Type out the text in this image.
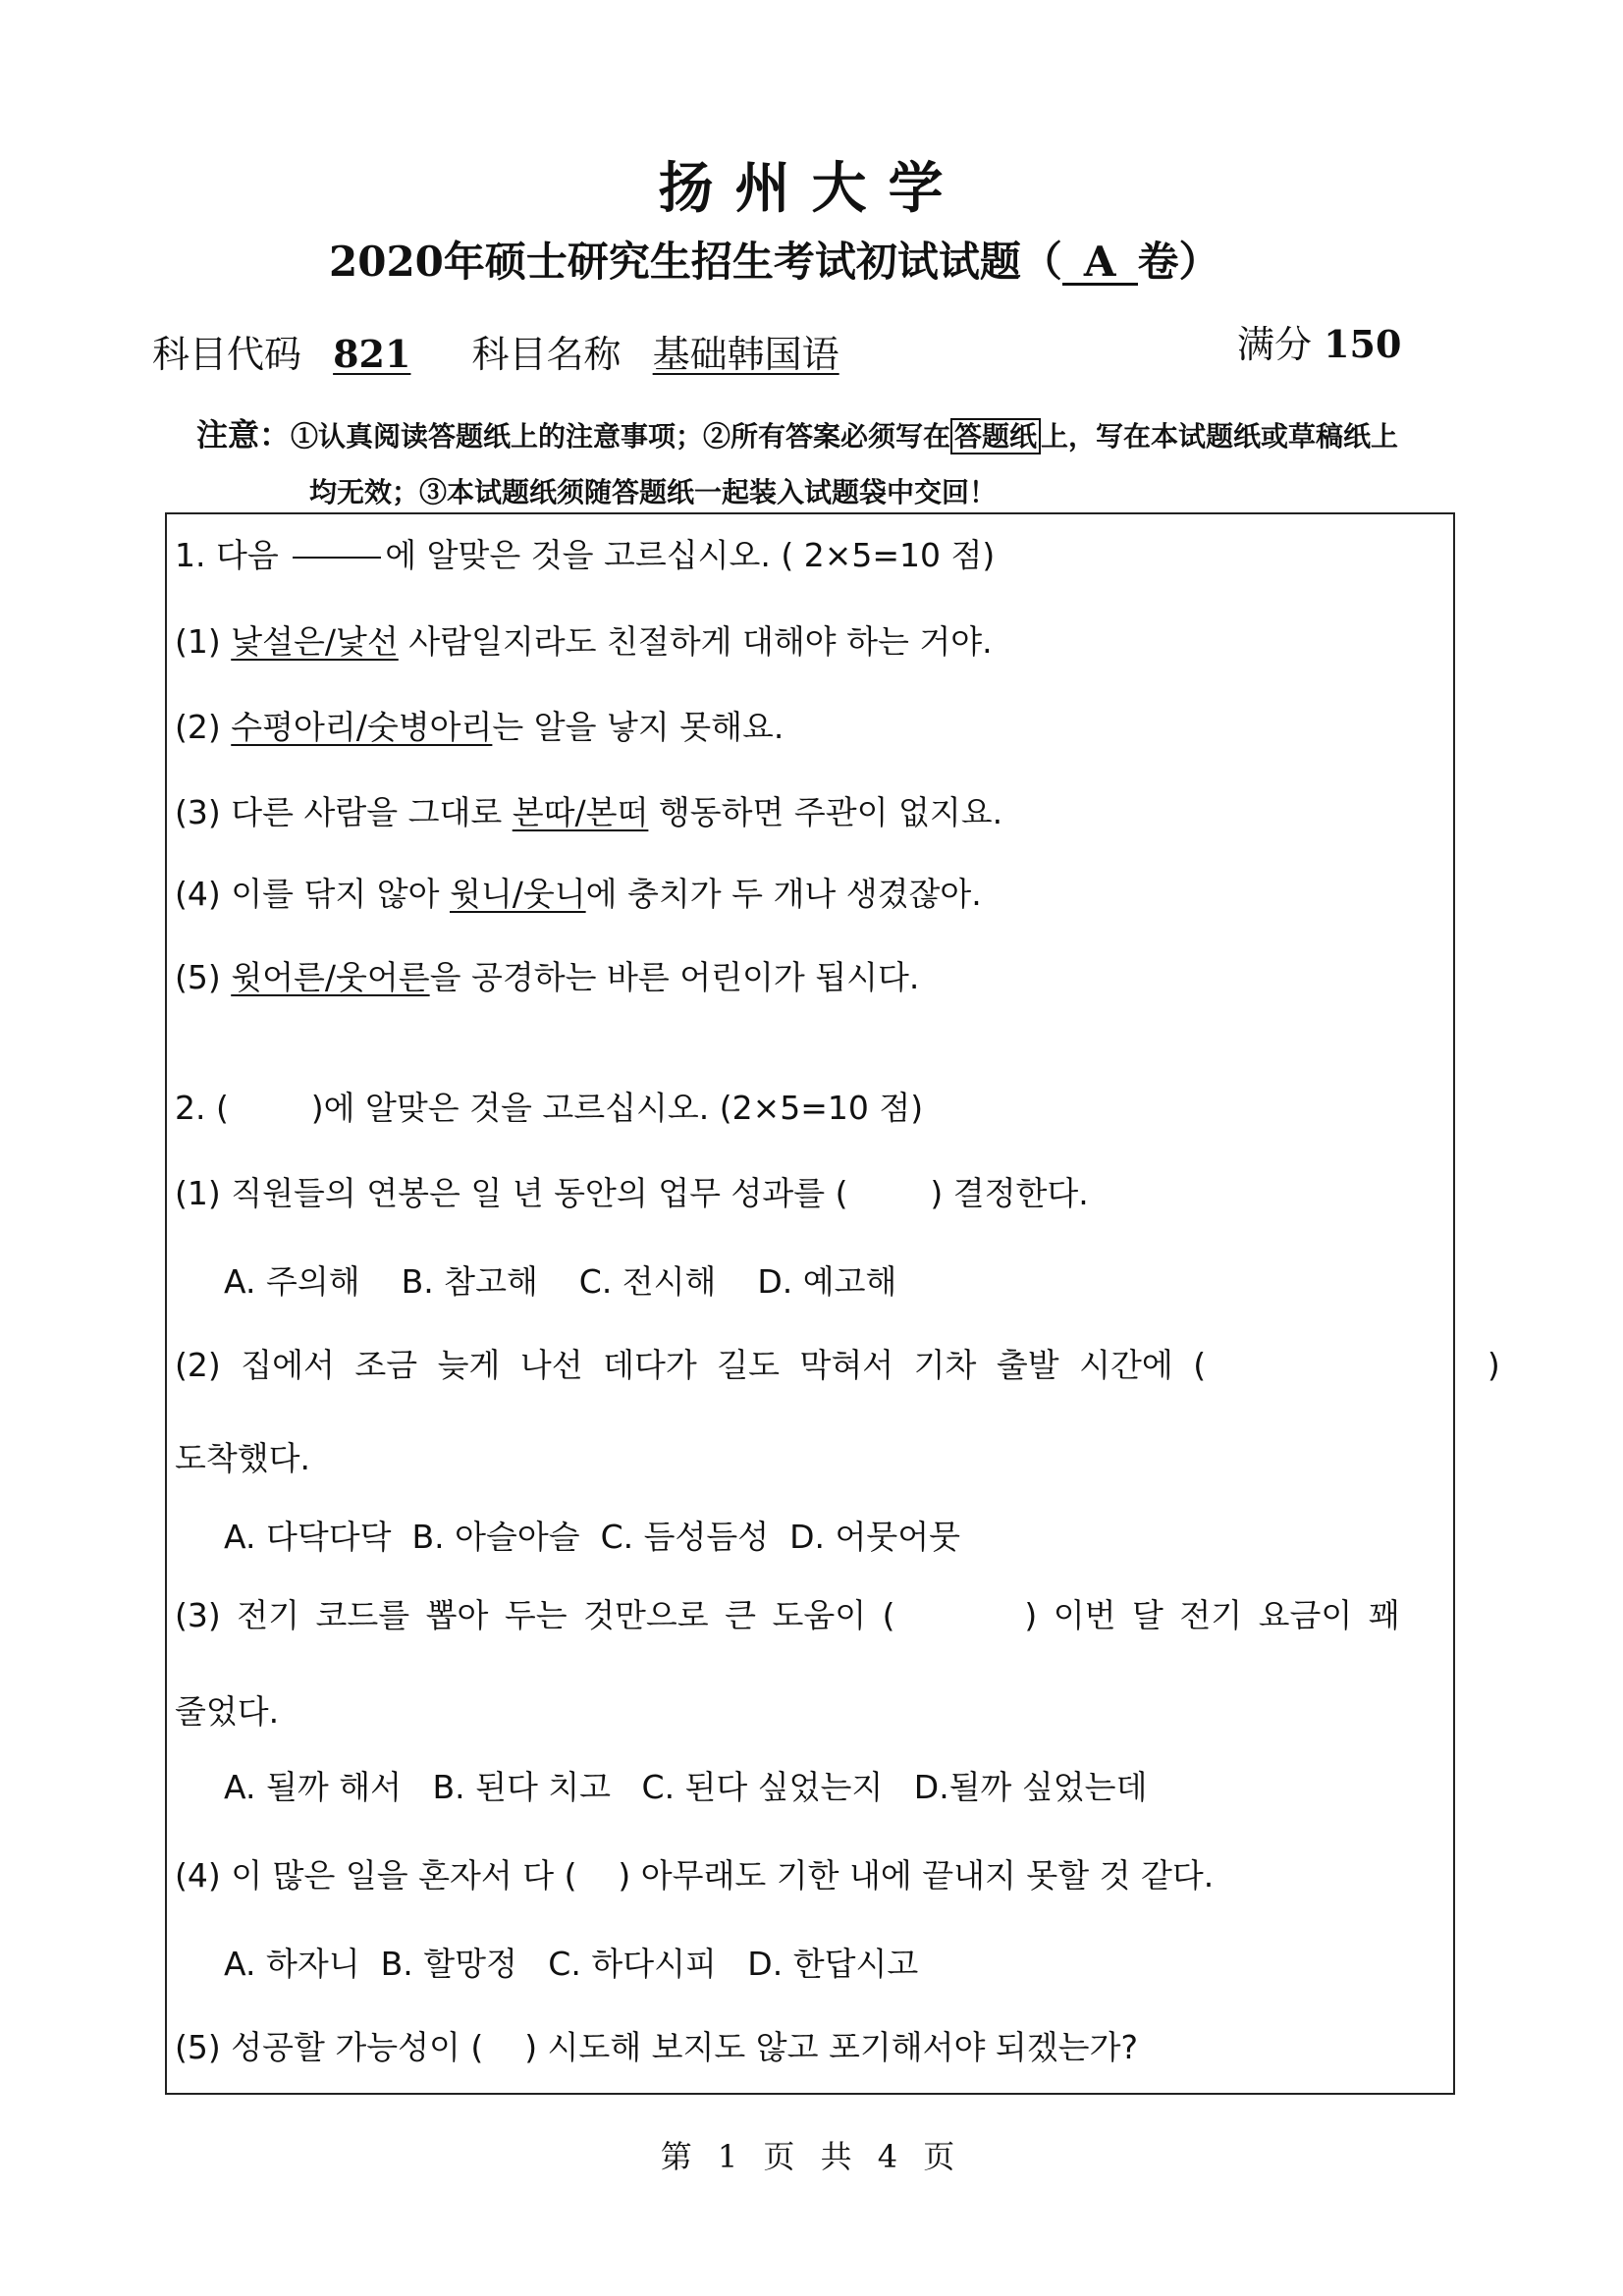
扬州大学
2020年硕士研究生招生考试初试试题（ A 卷）
科目代码 821 科目名称 基础韩国语	满分 150
注意：①认真阅读答题纸上的注意事项；②所有答案必须写在 答题纸 上，写在本试题纸或草稿纸上
均无效；③本试题纸须随答题纸一起装入试题袋中交回！
1. 다음	에 알맞은 것을 고르십시오. ( 2×5=10 점)
(1) 낯설은/낯선 사람일지라도 친절하게 대해야 하는 거야.
(2) 수평아리/숫병아리는 알을 낳지 못해요.
(3) 다른 사람을 그대로 본따/본떠 행동하면 주관이 없지요.
(4) 이를 닦지 않아 윗니/웃니에 충치가 두 개나 생겼잖아.
(5) 윗어른/웃어른을 공경하는 바른 어린이가 됩시다.
2. (        )에 알맞은 것을 고르십시오. (2×5=10 점)
(1) 직원들의 연봉은 일 년 동안의 업무 성과를 (        ) 결정한다.
A. 주의해    B. 참고해    C. 전시해    D. 예고해
(2) 집에서 조금 늦게 나선 데다가 길도 막혀서 기차 출발 시간에 (              )
도착했다.
A. 다닥다닥  B. 아슬아슬  C. 듬성듬성  D. 어뭇어뭇
(3) 전기 코드를 뽑아 두는 것만으로 큰 도움이 (        ) 이번 달 전기 요금이 꽤
줄었다.
A. 될까 해서   B. 된다 치고   C. 된다 싶었는지   D.될까 싶었는데
(4) 이 많은 일을 혼자서 다 (    ) 아무래도 기한 내에 끝내지 못할 것 같다.
A. 하자니  B. 할망정   C. 하다시피   D. 한답시고
(5) 성공할 가능성이 (    ) 시도해 보지도 않고 포기해서야 되겠는가?
第 1 页 共 4 页
